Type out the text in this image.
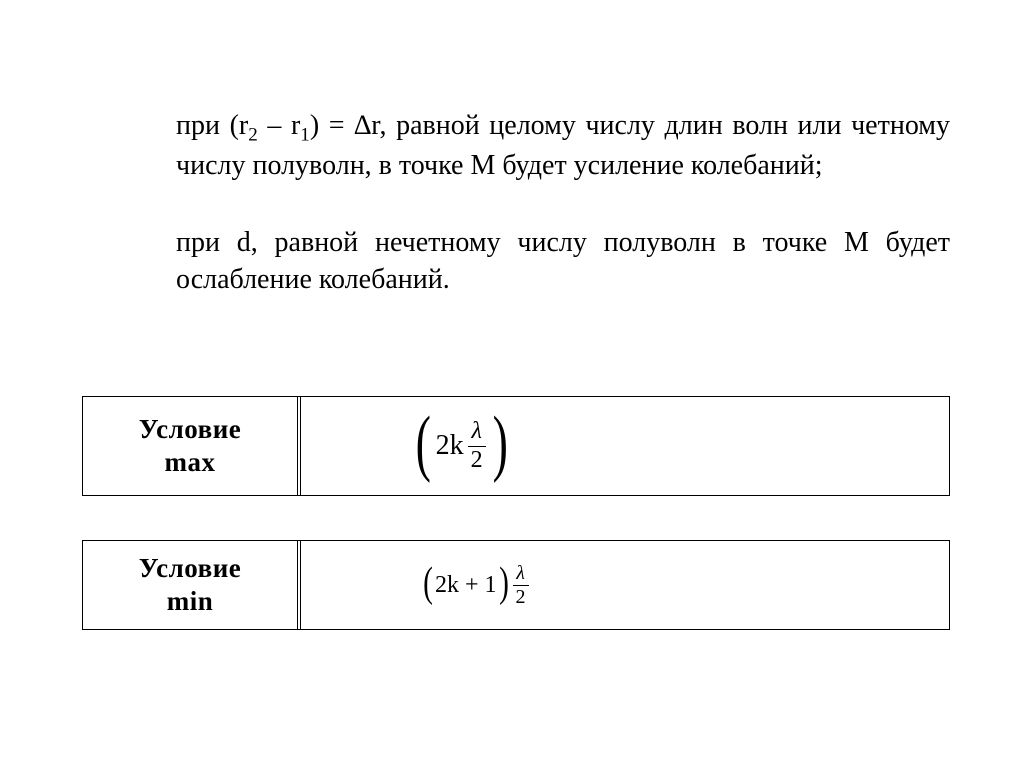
при $(r_2 - r_1) = \Delta r$, равной целому числу длин волн или четному числу полуволн, в точке М будет усиление колебаний;

при d, равной нечетному числу полуволн в точке М будет ослабление колебаний.

Условие
max	( $2k \frac{\lambda}{2}$ )
Условие
min	( 2k + 1 ) $\frac{\lambda}{2}$
